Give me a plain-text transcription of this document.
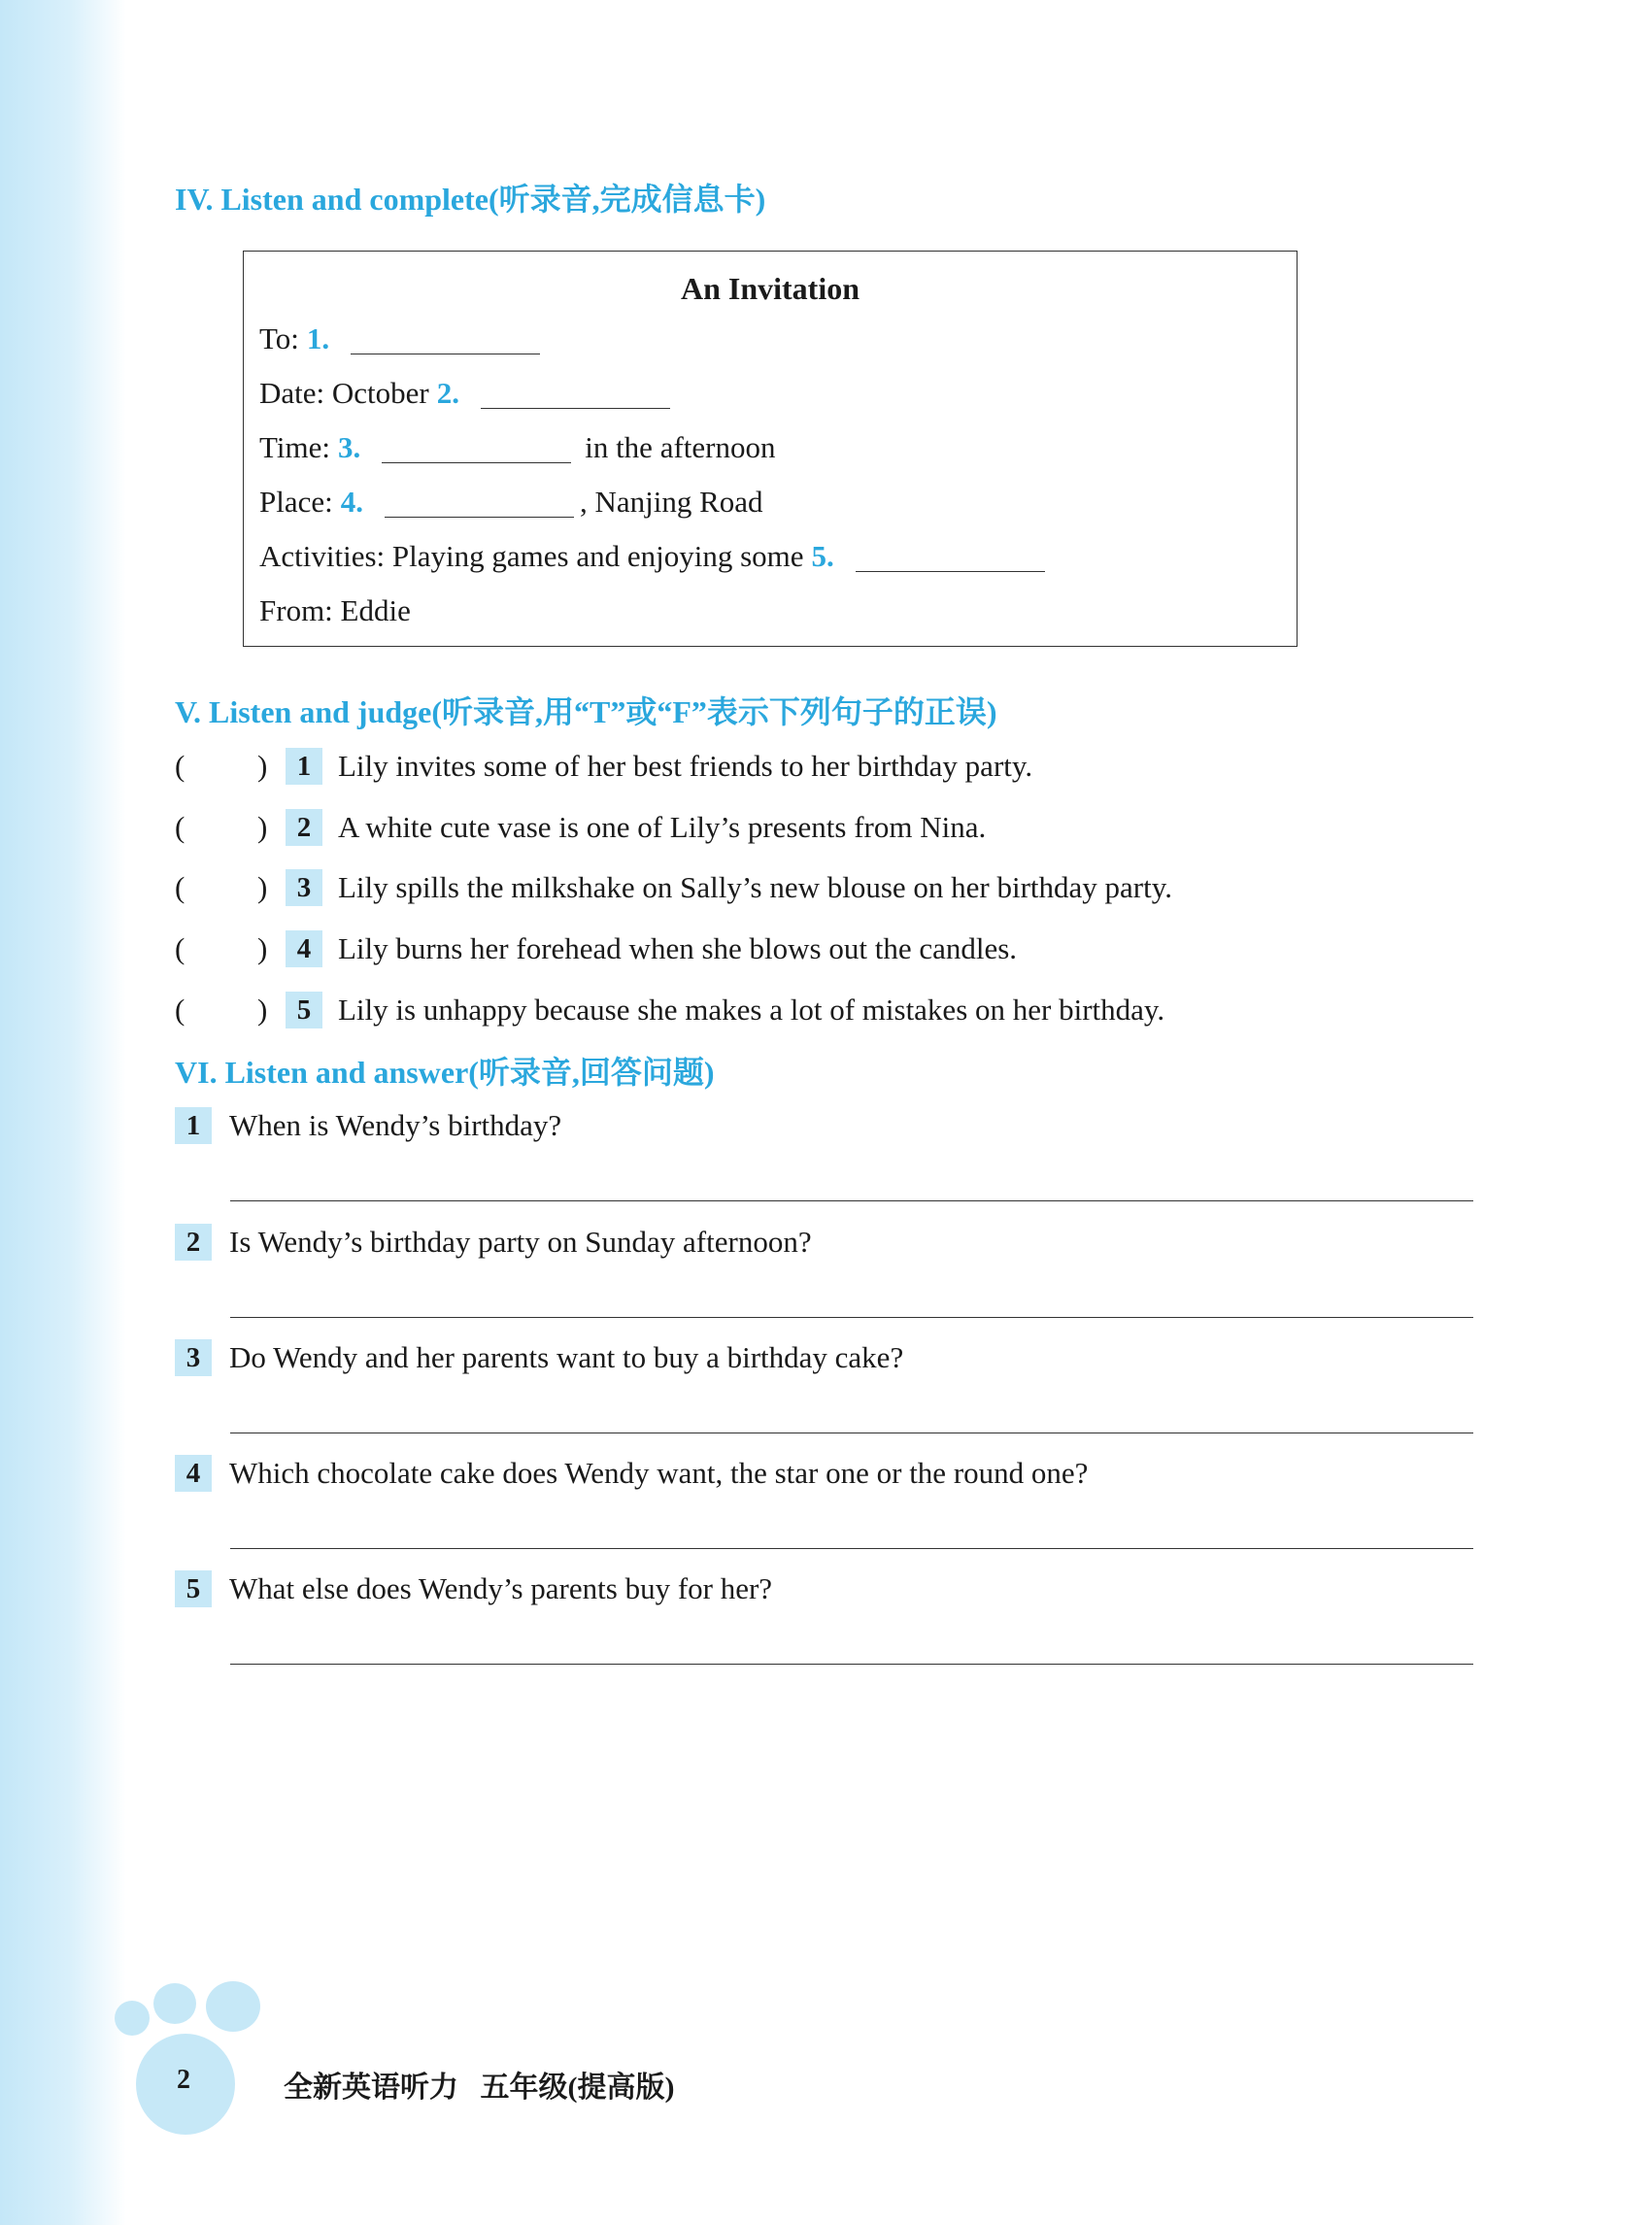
IV. Listen and complete(听录音,完成信息卡)
An Invitation
To: 1.
Date: October 2.
Time: 3.	in the afternoon
Place: 4.	, Nanjing Road
Activities: Playing games and enjoying some 5.
From: Eddie
V. Listen and judge(听录音,用“T”或“F”表示下列句子的正误)
( )	1 Lily invites some of her best friends to her birthday party.
( )	2 A white cute vase is one of Lily’s presents from Nina.
( )	3 Lily spills the milkshake on Sally’s new blouse on her birthday party.
( )	4 Lily burns her forehead when she blows out the candles.
( )	5 Lily is unhappy because she makes a lot of mistakes on her birthday.
VI. Listen and answer(听录音,回答问题)
1 When is Wendy’s birthday?
2 Is Wendy’s birthday party on Sunday afternoon?
3 Do Wendy and her parents want to buy a birthday cake?
4 Which chocolate cake does Wendy want, the star one or the round one?
5 What else does Wendy’s parents buy for her?
2	全新英语听力   五年级(提高版)
